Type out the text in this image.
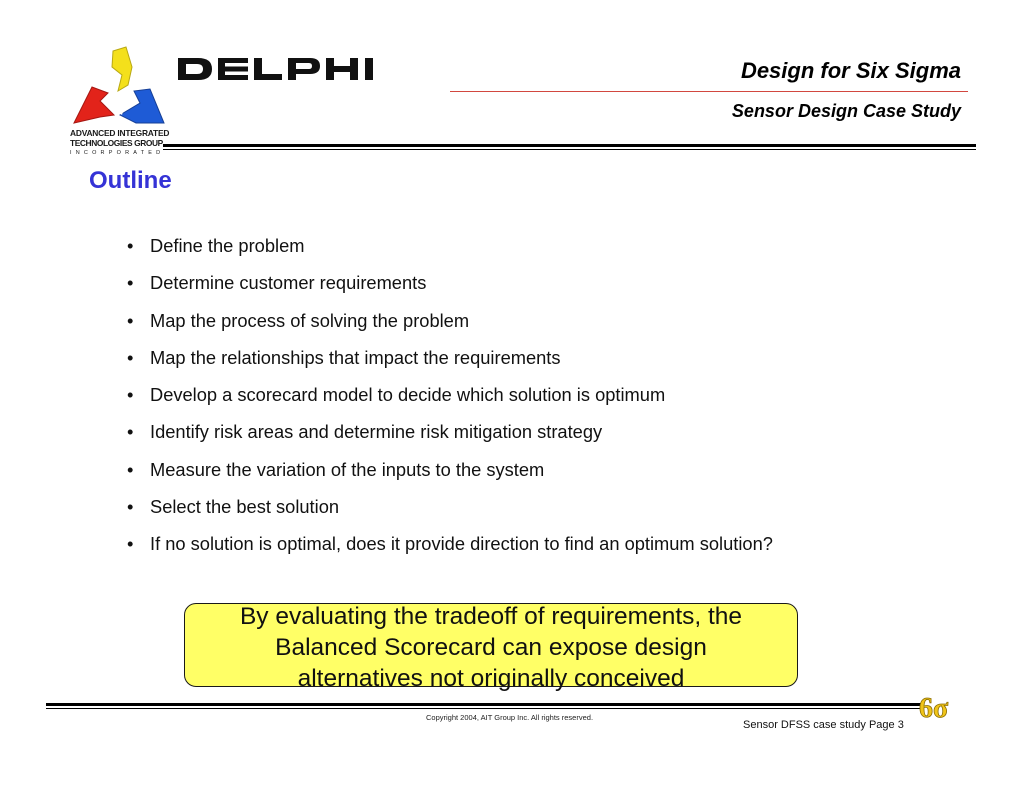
ADVANCED INTEGRATED
TECHNOLOGIES GROUP
INCORPORATED
Design for Six Sigma
Sensor Design Case Study
Outline
• Define the problem
• Determine customer requirements
• Map the process of solving the problem
• Map the relationships that impact the requirements
• Develop a scorecard model to decide which solution is optimum
• Identify risk areas and determine risk mitigation strategy
• Measure the variation of the inputs to the system
• Select the best solution
• If no solution is optimal, does it provide direction to find an optimum solution?
By evaluating the tradeoff of requirements, the
Balanced Scorecard can expose design
alternatives not originally conceived
6σ
Copyright 2004, AIT Group Inc. All rights reserved.
Sensor DFSS case study Page 3
